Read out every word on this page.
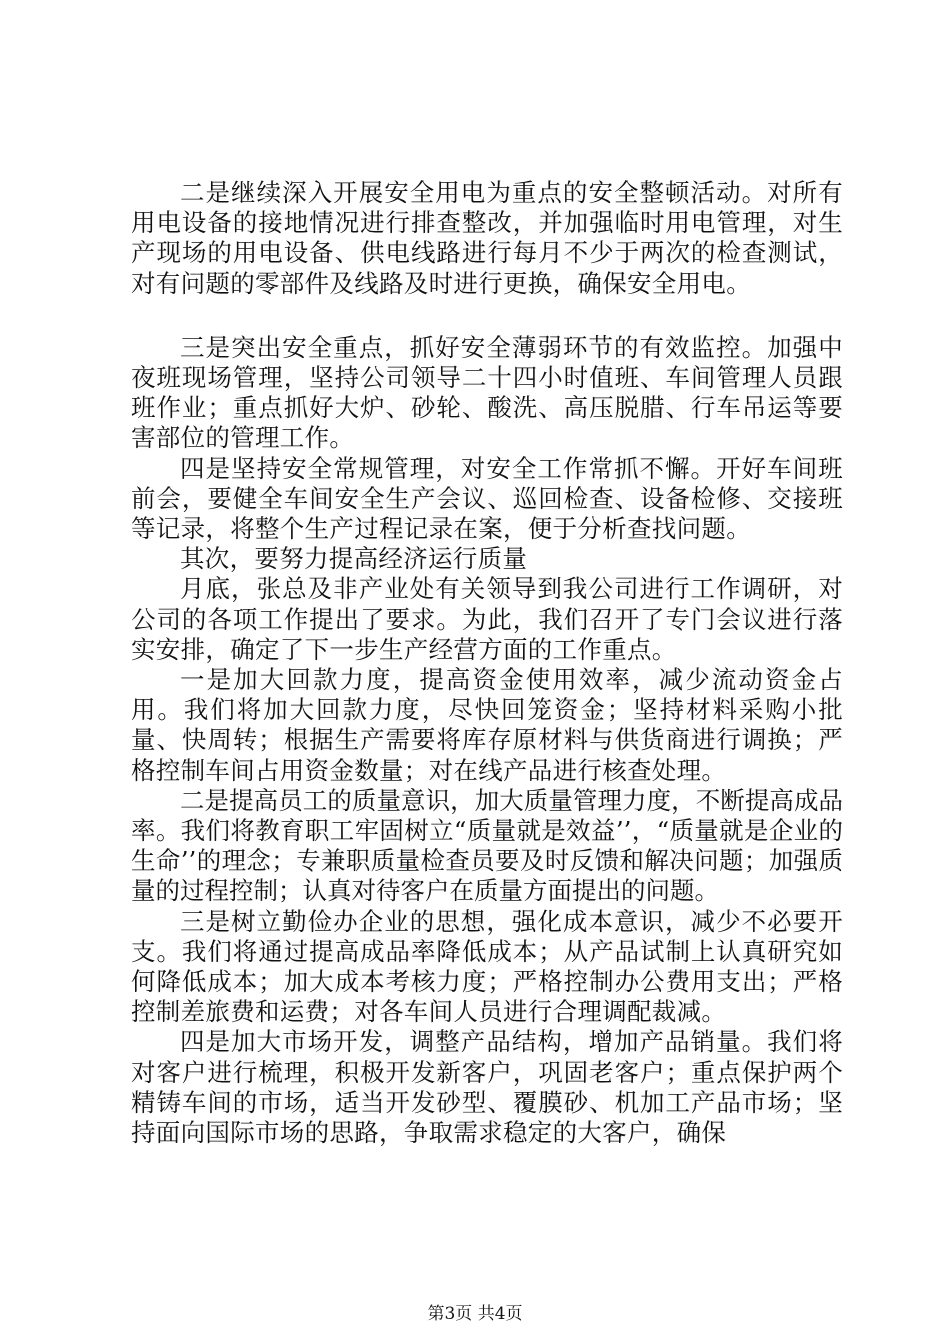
二是继续深入开展安全用电为重点的安全整顿活动。对所有用电设备的接地情况进行排查整改，并加强临时用电管理，对生产现场的用电设备、供电线路进行每月不少于两次的检查测试，对有问题的零部件及线路及时进行更换，确保安全用电。

三是突出安全重点，抓好安全薄弱环节的有效监控。加强中夜班现场管理，坚持公司领导二十四小时值班、车间管理人员跟班作业；重点抓好大炉、砂轮、酸洗、高压脱腊、行车吊运等要害部位的管理工作。

四是坚持安全常规管理，对安全工作常抓不懈。开好车间班前会，要健全车间安全生产会议、巡回检查、设备检修、交接班等记录，将整个生产过程记录在案，便于分析查找问题。

其次，要努力提高经济运行质量

月底，张总及非产业处有关领导到我公司进行工作调研，对公司的各项工作提出了要求。为此，我们召开了专门会议进行落实安排，确定了下一步生产经营方面的工作重点。

一是加大回款力度，提高资金使用效率，减少流动资金占用。我们将加大回款力度，尽快回笼资金；坚持材料采购小批量、快周转；根据生产需要将库存原材料与供货商进行调换；严格控制车间占用资金数量；对在线产品进行核查处理。

二是提高员工的质量意识，加大质量管理力度，不断提高成品率。我们将教育职工牢固树立“质量就是效益’’，“质量就是企业的生命’’的理念；专兼职质量检查员要及时反馈和解决问题；加强质量的过程控制；认真对待客户在质量方面提出的问题。

三是树立勤俭办企业的思想，强化成本意识，减少不必要开支。我们将通过提高成品率降低成本；从产品试制上认真研究如何降低成本；加大成本考核力度；严格控制办公费用支出；严格控制差旅费和运费；对各车间人员进行合理调配裁减。

四是加大市场开发，调整产品结构，增加产品销量。我们将对客户进行梳理，积极开发新客户，巩固老客户；重点保护两个精铸车间的市场，适当开发砂型、覆膜砂、机加工产品市场；坚持面向国际市场的思路，争取需求稳定的大客户，确保

第3页 共4页
